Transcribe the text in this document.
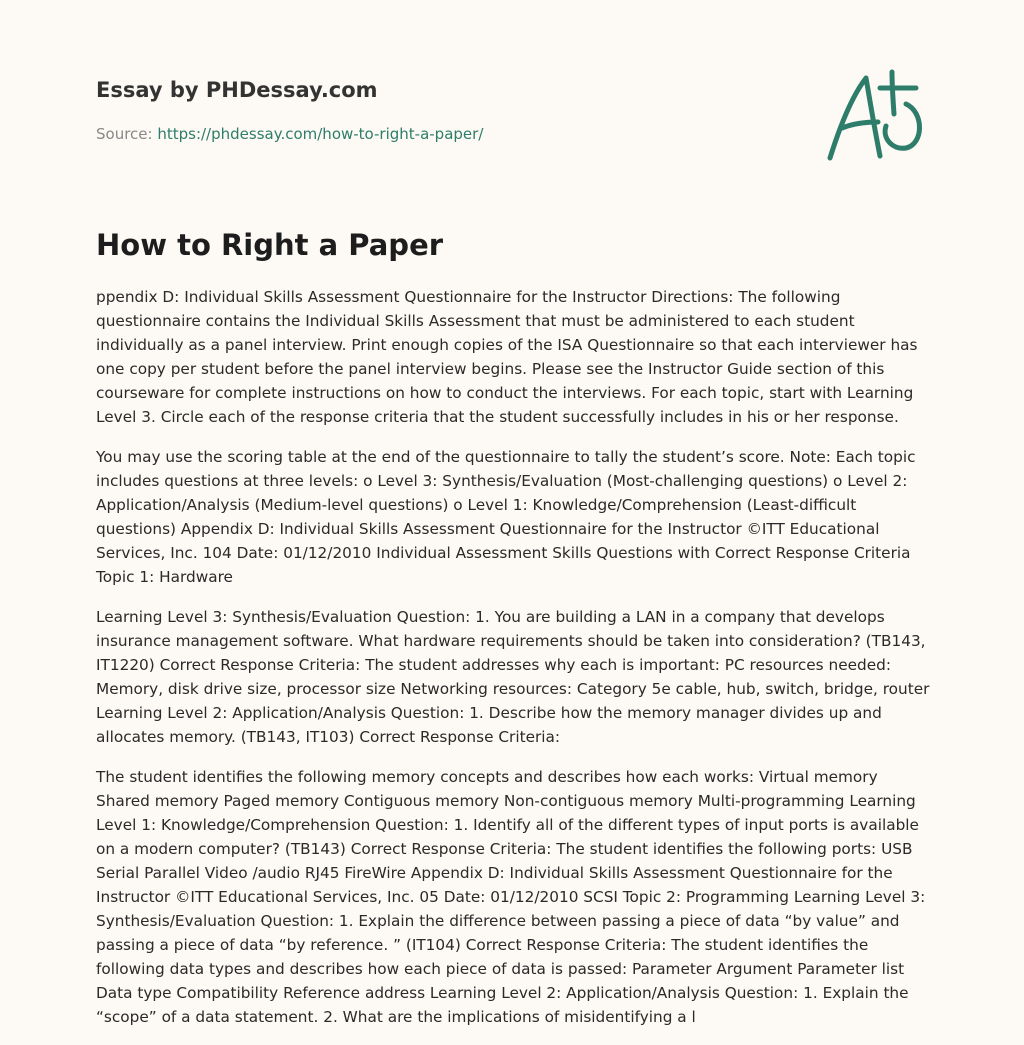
Essay by PHDessay.com
Source: https://phdessay.com/how-to-right-a-paper/
How to Right a Paper

ppendix D: Individual Skills Assessment Questionnaire for the Instructor Directions: The following questionnaire contains the Individual Skills Assessment that must be administered to each student individually as a panel interview. Print enough copies of the ISA Questionnaire so that each interviewer has one copy per student before the panel interview begins. Please see the Instructor Guide section of this courseware for complete instructions on how to conduct the interviews. For each topic, start with Learning Level 3. Circle each of the response criteria that the student successfully includes in his or her response.

You may use the scoring table at the end of the questionnaire to tally the student’s score. Note: Each topic includes questions at three levels: o Level 3: Synthesis/Evaluation (Most-challenging questions) o Level 2: Application/Analysis (Medium-level questions) o Level 1: Knowledge/Comprehension (Least-difficult questions) Appendix D: Individual Skills Assessment Questionnaire for the Instructor ©ITT Educational Services, Inc. 104 Date: 01/12/2010 Individual Assessment Skills Questions with Correct Response Criteria Topic 1: Hardware

Learning Level 3: Synthesis/Evaluation Question: 1. You are building a LAN in a company that develops insurance management software. What hardware requirements should be taken into consideration? (TB143, IT1220) Correct Response Criteria: The student addresses why each is important: PC resources needed: Memory, disk drive size, processor size Networking resources: Category 5e cable, hub, switch, bridge, router Learning Level 2: Application/Analysis Question: 1. Describe how the memory manager divides up and allocates memory. (TB143, IT103) Correct Response Criteria:

The student identifies the following memory concepts and describes how each works: Virtual memory Shared memory Paged memory Contiguous memory Non-contiguous memory Multi-programming Learning Level 1: Knowledge/Comprehension Question: 1. Identify all of the different types of input ports is available on a modern computer? (TB143) Correct Response Criteria: The student identifies the following ports: USB Serial Parallel Video /audio RJ45 FireWire Appendix D: Individual Skills Assessment Questionnaire for the Instructor ©ITT Educational Services, Inc. 05 Date: 01/12/2010 SCSI Topic 2: Programming Learning Level 3: Synthesis/Evaluation Question: 1. Explain the difference between passing a piece of data “by value” and passing a piece of data “by reference. ” (IT104) Correct Response Criteria: The student identifies the following data types and describes how each piece of data is passed: Parameter Argument Parameter list Data type Compatibility Reference address Learning Level 2: Application/Analysis Question: 1. Explain the “scope” of a data statement. 2. What are the implications of misidentifying a l
